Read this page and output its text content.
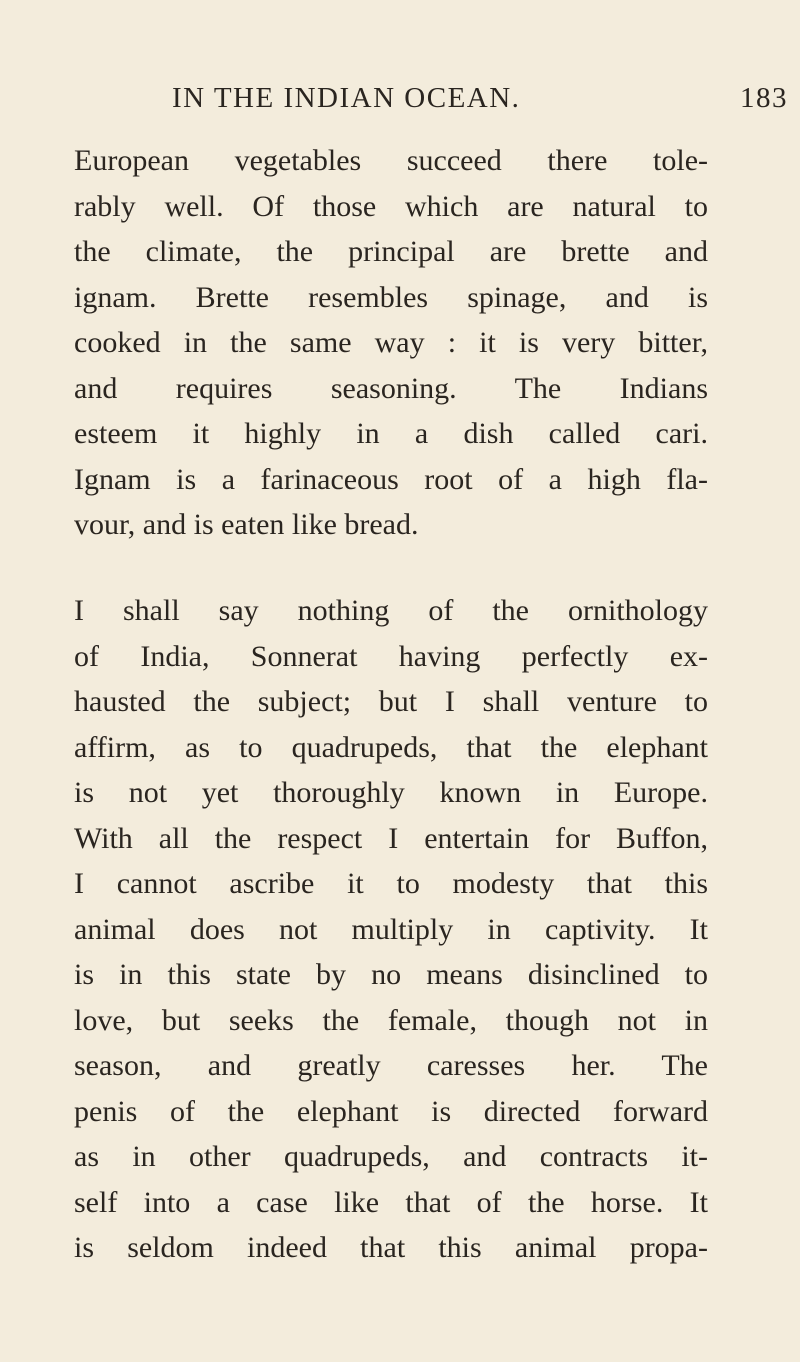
IN THE INDIAN OCEAN.	183
European vegetables succeed there tole-
rably well. Of those which are natural to
the climate, the principal are brette and
ignam. Brette resembles spinage, and is
cooked in the same way : it is very bitter,
and requires seasoning. The Indians
esteem it highly in a dish called cari.
Ignam is a farinaceous root of a high fla-
vour, and is eaten like bread.
I shall say nothing of the ornithology
of India, Sonnerat having perfectly ex-
hausted the subject; but I shall venture to
affirm, as to quadrupeds, that the elephant
is not yet thoroughly known in Europe.
With all the respect I entertain for Buffon,
I cannot ascribe it to modesty that this
animal does not multiply in captivity. It
is in this state by no means disinclined to
love, but seeks the female, though not in
season, and greatly caresses her. The
penis of the elephant is directed forward
as in other quadrupeds, and contracts it-
self into a case like that of the horse. It
is seldom indeed that this animal propa-
